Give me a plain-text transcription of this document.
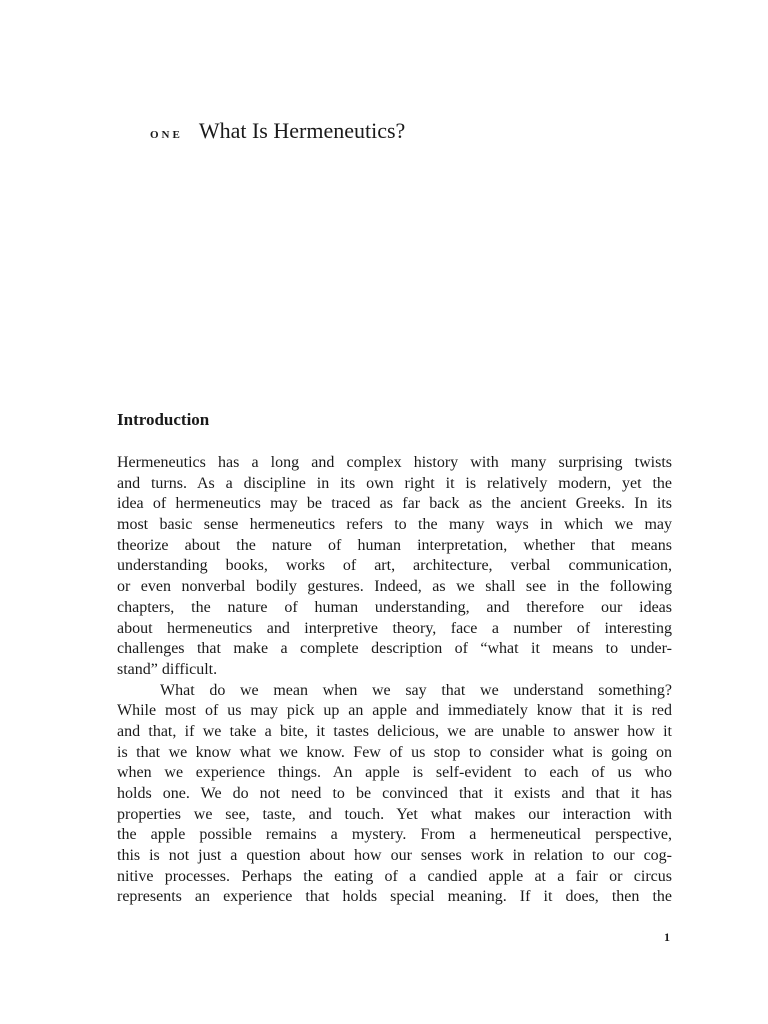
ONE What Is Hermeneutics?
Introduction
Hermeneutics has a long and complex history with many surprising twists
and turns. As a discipline in its own right it is relatively modern, yet the
idea of hermeneutics may be traced as far back as the ancient Greeks. In its
most basic sense hermeneutics refers to the many ways in which we may
theorize about the nature of human interpretation, whether that means
understanding books, works of art, architecture, verbal communication,
or even nonverbal bodily gestures. Indeed, as we shall see in the following
chapters, the nature of human understanding, and therefore our ideas
about hermeneutics and interpretive theory, face a number of interesting
challenges that make a complete description of “what it means to under-
stand” difficult.
What do we mean when we say that we understand something?
While most of us may pick up an apple and immediately know that it is red
and that, if we take a bite, it tastes delicious, we are unable to answer how it
is that we know what we know. Few of us stop to consider what is going on
when we experience things. An apple is self-evident to each of us who
holds one. We do not need to be convinced that it exists and that it has
properties we see, taste, and touch. Yet what makes our interaction with
the apple possible remains a mystery. From a hermeneutical perspective,
this is not just a question about how our senses work in relation to our cog-
nitive processes. Perhaps the eating of a candied apple at a fair or circus
represents an experience that holds special meaning. If it does, then the
1
